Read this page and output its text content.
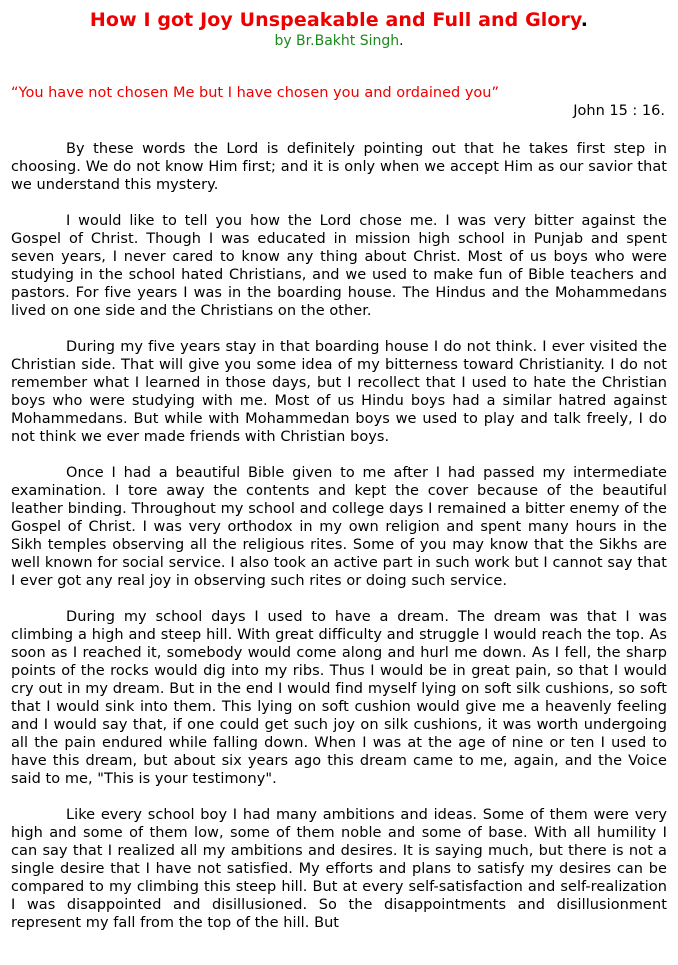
How I got Joy Unspeakable and Full and Glory.
by Br.Bakht Singh.
“You have not chosen Me but I have chosen you and ordained you”
John 15 : 16.

By these words the Lord is definitely pointing out that he takes first step in choosing. We do not know Him first; and it is only when we accept Him as our savior that we understand this mystery.

I would like to tell you how the Lord chose me. I was very bitter against the Gospel of Christ. Though I was educated in mission high school in Punjab and spent seven years, I never cared to know any thing about Christ. Most of us boys who were studying in the school hated Christians, and we used to make fun of Bible teachers and pastors. For five years I was in the boarding house. The Hindus and the Mohammedans lived on one side and the Christians on the other.

During my five years stay in that boarding house I do not think. I ever visited the Christian side. That will give you some idea of my bitterness toward Christianity. I do not remember what I learned in those days, but I recollect that I used to hate the Christian boys who were studying with me. Most of us Hindu boys had a similar hatred against Mohammedans. But while with Mohammedan boys we used to play and talk freely, I do not think we ever made friends with Christian boys.

Once I had a beautiful Bible given to me after I had passed my intermediate examination. I tore away the contents and kept the cover because of the beautiful leather binding. Throughout my school and college days I remained a bitter enemy of the Gospel of Christ. I was very orthodox in my own religion and spent many hours in the Sikh temples observing all the religious rites. Some of you may know that the Sikhs are well known for social service. I also took an active part in such work but I cannot say that I ever got any real joy in observing such rites or doing such service.

During my school days I used to have a dream. The dream was that I was climbing a high and steep hill. With great difficulty and struggle I would reach the top. As soon as I reached it, somebody would come along and hurl me down. As I fell, the sharp points of the rocks would dig into my ribs. Thus I would be in great pain, so that I would cry out in my dream. But in the end I would find myself lying on soft silk cushions, so soft that I would sink into them. This lying on soft cushion would give me a heavenly feeling and I would say that, if one could get such joy on silk cushions, it was worth undergoing all the pain endured while falling down. When I was at the age of nine or ten I used to have this dream, but about six years ago this dream came to me, again, and the Voice said to me, "This is your testimony".

Like every school boy I had many ambitions and ideas. Some of them were very high and some of them low, some of them noble and some of base. With all humility I can say that I realized all my ambitions and desires. It is saying much, but there is not a single desire that I have not satisfied. My efforts and plans to satisfy my desires can be compared to my climbing this steep hill. But at every self-satisfaction and self-realization I was disappointed and disillusioned. So the disappointments and disillusionment represent my fall from the top of the hill. But
